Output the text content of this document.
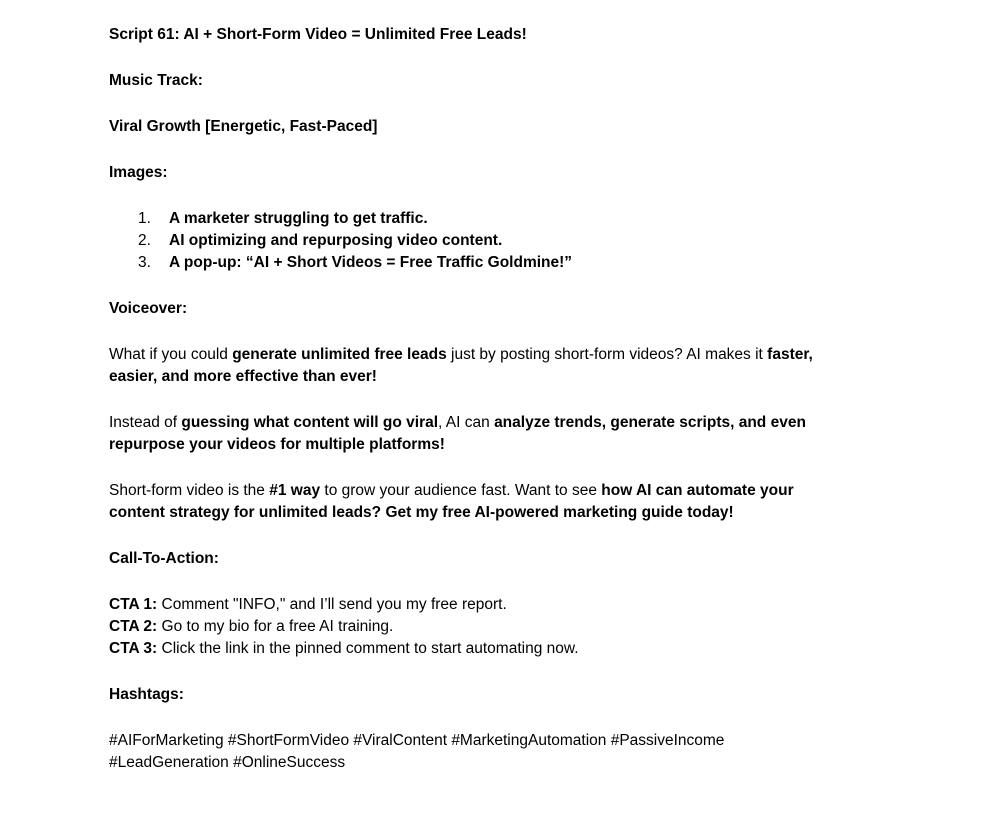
Script 61: AI + Short-Form Video = Unlimited Free Leads!

Music Track:

Viral Growth [Energetic, Fast-Paced]

Images:

1. A marketer struggling to get traffic.
2. AI optimizing and repurposing video content.
3. A pop-up: “AI + Short Videos = Free Traffic Goldmine!”

Voiceover:

What if you could generate unlimited free leads just by posting short-form videos? AI makes it faster,

easier, and more effective than ever!

Instead of guessing what content will go viral, AI can analyze trends, generate scripts, and even

repurpose your videos for multiple platforms!

Short-form video is the #1 way to grow your audience fast. Want to see how AI can automate your

content strategy for unlimited leads? Get my free AI-powered marketing guide today!

Call-To-Action:

CTA 1: Comment "INFO," and I’ll send you my free report.

CTA 2: Go to my bio for a free AI training.

CTA 3: Click the link in the pinned comment to start automating now.

Hashtags:

#AIForMarketing #ShortFormVideo #ViralContent #MarketingAutomation #PassiveIncome

#LeadGeneration #OnlineSuccess
